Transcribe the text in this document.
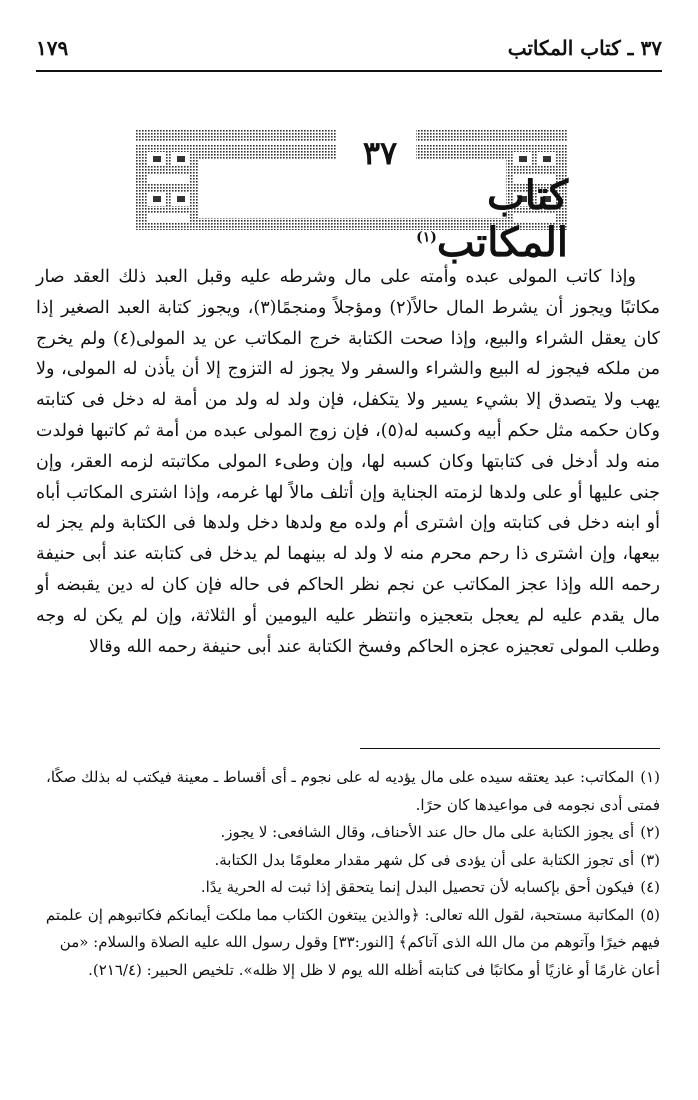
٣٧ ـ كتاب المكاتب
١٧٩
٣٧
كتاب المكاتب$^{(١)}$

وإذا كاتب المولى عبده وأمته على مال وشرطه عليه وقبل العبد ذلك العقد صار مكاتبًا ويجوز أن يشرط المال حالاً(٢) ومؤجلاً ومنجمًا(٣)، ويجوز كتابة العبد الصغير إذا كان يعقل الشراء والبيع، وإذا صحت الكتابة خرج المكاتب عن يد المولى(٤) ولم يخرج من ملكه فيجوز له البيع والشراء والسفر ولا يجوز له التزوج إلا أن يأذن له المولى، ولا يهب ولا يتصدق إلا بشيء يسير ولا يتكفل، فإن ولد له ولد من أمة له دخل فى كتابته وكان حكمه مثل حكم أبيه وكسبه له(٥)، فإن زوج المولى عبده من أمة ثم كاتبها فولدت منه ولد أدخل فى كتابتها وكان كسبه لها، وإن وطىء المولى مكاتبته لزمه العقر، وإن جنى عليها أو على ولدها لزمته الجناية وإن أتلف مالاً لها غرمه، وإذا اشترى المكاتب أباه أو ابنه دخل فى كتابته وإن اشترى أم ولده مع ولدها دخل ولدها فى الكتابة ولم يجز له بيعها، وإن اشترى ذا رحم محرم منه لا ولد له بينهما لم يدخل فى كتابته عند أبى حنيفة رحمه الله وإذا عجز المكاتب عن نجم نظر الحاكم فى حاله فإن كان له دين يقبضه أو مال يقدم عليه لم يعجل بتعجيزه وانتظر عليه اليومين أو الثلاثة، وإن لم يكن له وجه وطلب المولى تعجيزه عجزه الحاكم وفسخ الكتابة عند أبى حنيفة رحمه الله وقالا

(١)المكاتب: عبد يعتقه سيده على مال يؤديه له على نجوم ـ أى أقساط ـ معينة فيكتب له بذلك صكًا، فمتى أدى نجومه فى مواعيدها كان حرًا.
(٢)أى يجوز الكتابة على مال حال عند الأحناف، وقال الشافعى: لا يجوز.
(٣)أى تجوز الكتابة على أن يؤدى فى كل شهر مقدار معلومًا بدل الكتابة.
(٤)فيكون أحق بإكسابه لأن تحصيل البدل إنما يتحقق إذا ثبت له الحرية يدًا.
(٥)المكاتبة مستحبة، لقول الله تعالى: ﴿والذين يبتغون الكتاب مما ملكت أيمانكم فكاتبوهم إن علمتم فيهم خيرًا وآتوهم من مال الله الذى آتاكم﴾ [النور:٣٣] وقول رسول الله عليه الصلاة والسلام: «من أعان غارمًا أو غازيًا أو مكاتبًا فى كتابته أظله الله يوم لا ظل إلا ظله». تلخيص الحبير: (٢١٦/٤).
